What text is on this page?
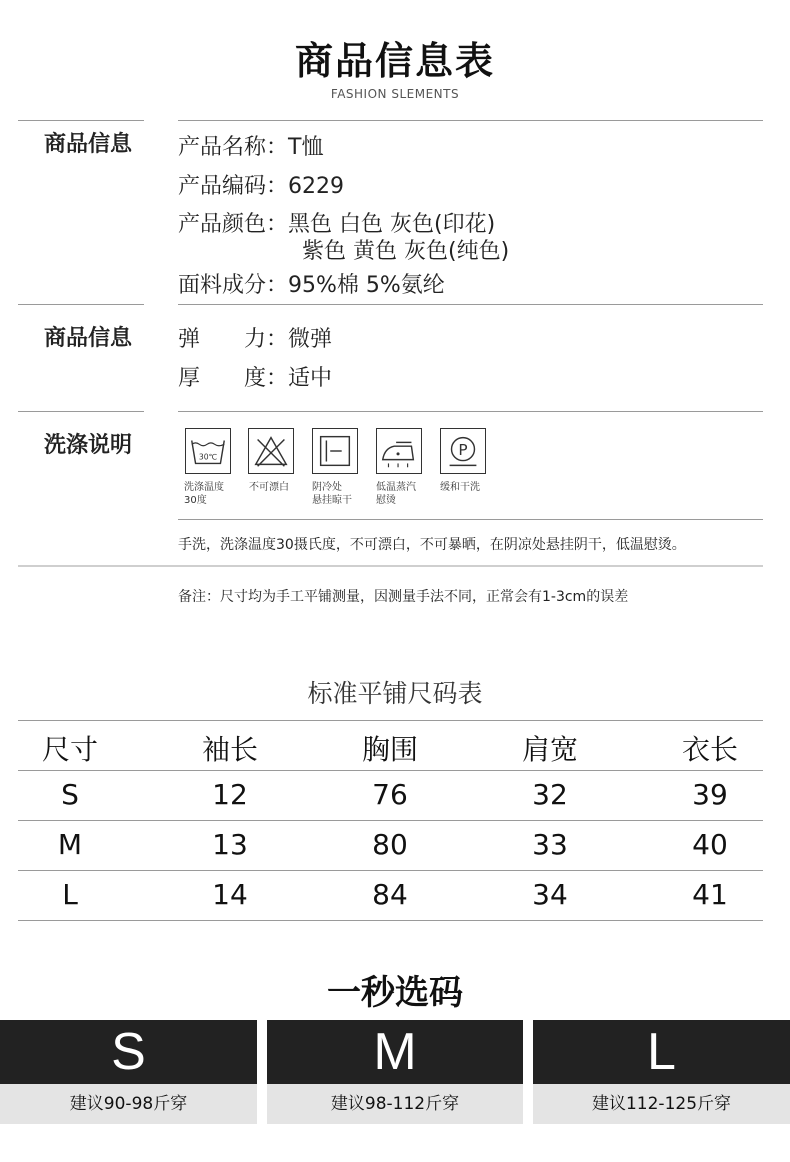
商品信息表
FASHION SLEMENTS
商品信息 产品名称：T恤
产品编码：6229
产品颜色：黑色 白色 灰色(印花)
紫色 黄色 灰色(纯色)
面料成分：95%棉 5%氨纶
商品信息 弹　　力：微弹
厚　　度：适中
洗涤说明	30℃	P
洗涤温度
30度
不可漂白 阴冷处
悬挂晾干
低温蒸汽
慰烫
缓和干洗
手洗，洗涤温度30摄氏度，不可漂白，不可暴晒，在阴凉处悬挂阴干，低温慰烫。
备注：尺寸均为手工平铺测量，因测量手法不同，正常会有1-3cm的误差
标准平铺尺码表
尺寸	袖长	胸围	肩宽	衣长
S	12	76	32	39
M	13	80	33	40
L	14	84	34	41
一秒选码
S
建议90-98斤穿
M
建议98-112斤穿
L
建议112-125斤穿
